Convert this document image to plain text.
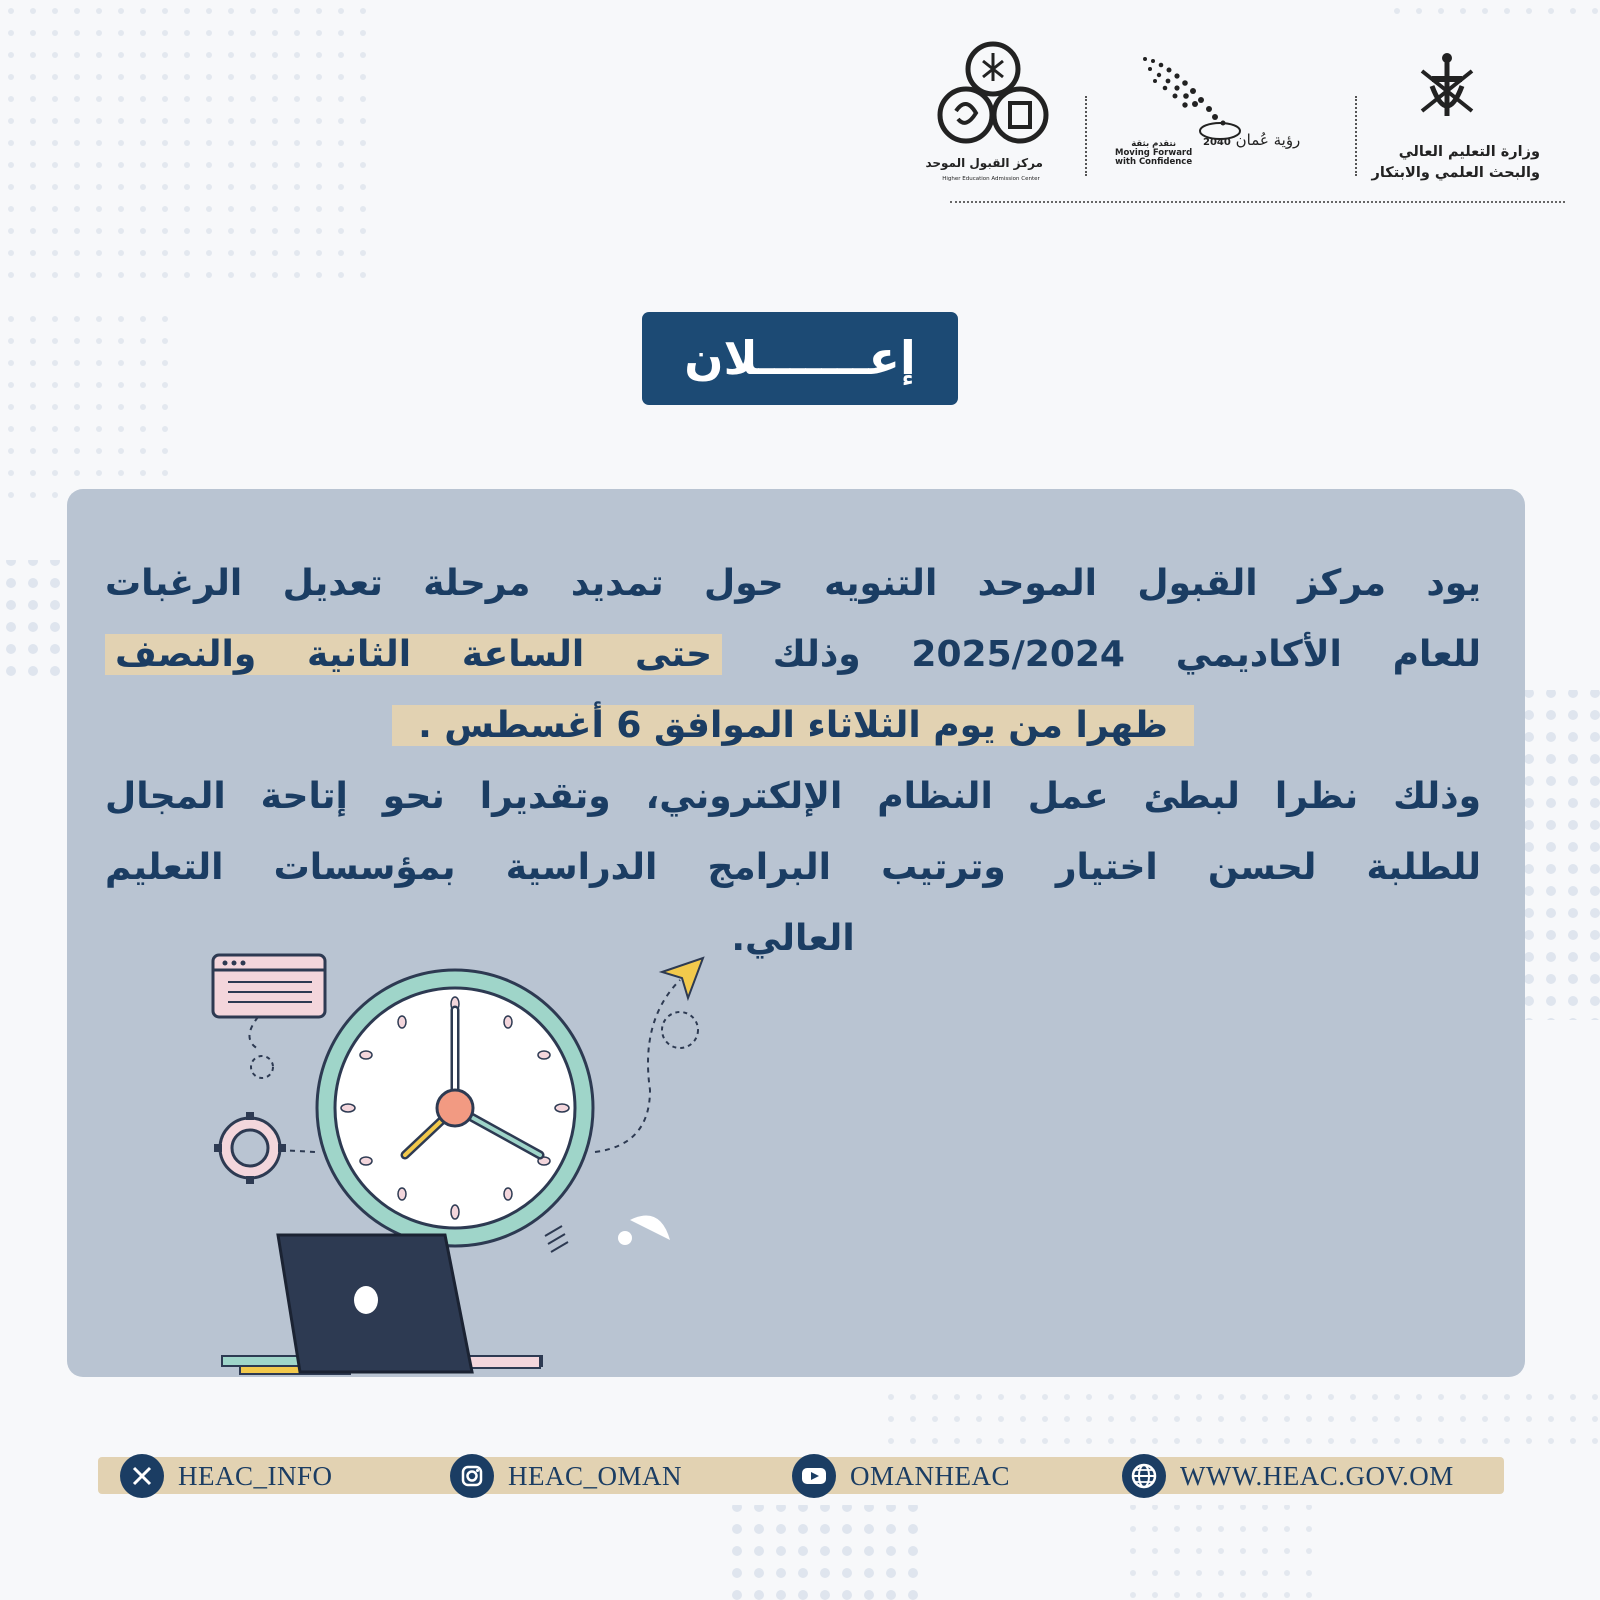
وزارة التعليم العالي
والبحث العلمي والابتكار
رؤية عُمان 2040
نتقدم بثقة
Moving Forward
with Confidence
مركز القبول الموحد
Higher Education Admission Center
إعـــــــلان
يود مركز القبول الموحد التنويه حول تمديد مرحلة تعديل الرغبات
للعام الأكاديمي 2025/2024 وذلك حتى الساعة الثانية والنصف
ظهرا من يوم الثلاثاء الموافق 6 أغسطس .
وذلك نظرا لبطئ عمل النظام الإلكتروني، وتقديرا نحو إتاحة المجال
للطلبة لحسن اختيار وترتيب البرامج الدراسية بمؤسسات التعليم
العالي.
HEAC_INFO	HEAC_OMAN	OMANHEAC	WWW.HEAC.GOV.OM
